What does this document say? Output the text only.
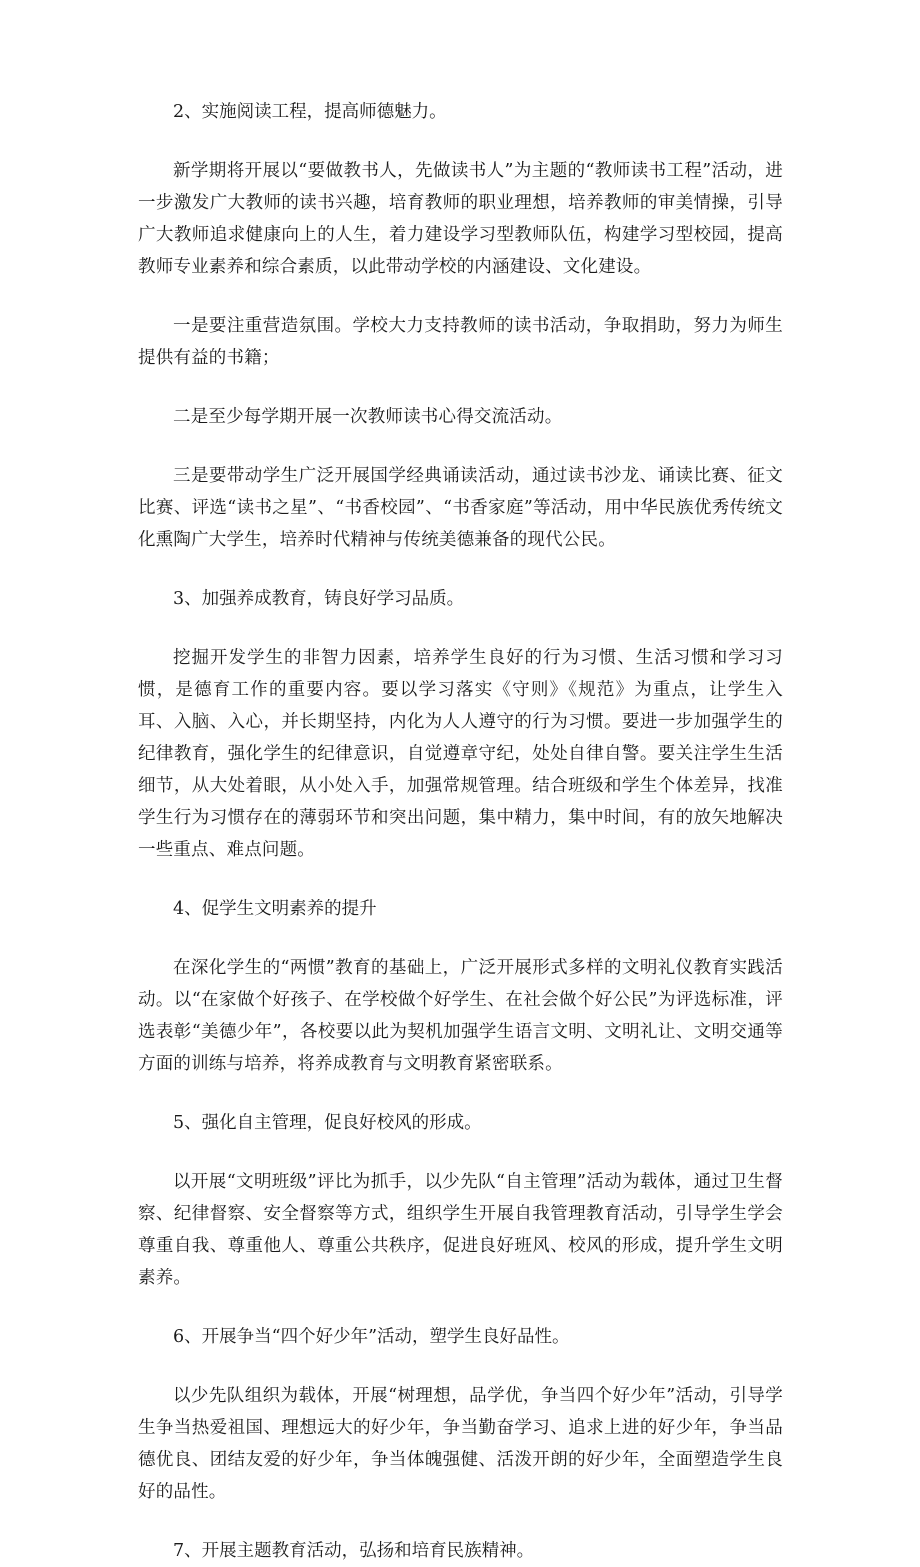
2、实施阅读工程，提高师德魅力。

新学期将开展以“要做教书人，先做读书人”为主题的“教师读书工程”活动，进一步激发广大教师的读书兴趣，培育教师的职业理想，培养教师的审美情操，引导广大教师追求健康向上的人生，着力建设学习型教师队伍，构建学习型校园，提高教师专业素养和综合素质，以此带动学校的内涵建设、文化建设。

一是要注重营造氛围。学校大力支持教师的读书活动，争取捐助，努力为师生提供有益的书籍；

二是至少每学期开展一次教师读书心得交流活动。

三是要带动学生广泛开展国学经典诵读活动，通过读书沙龙、诵读比赛、征文比赛、评选“读书之星”、“书香校园”、“书香家庭”等活动，用中华民族优秀传统文化熏陶广大学生，培养时代精神与传统美德兼备的现代公民。

3、加强养成教育，铸良好学习品质。

挖掘开发学生的非智力因素，培养学生良好的行为习惯、生活习惯和学习习惯，是德育工作的重要内容。要以学习落实《守则》《规范》为重点，让学生入耳、入脑、入心，并长期坚持，内化为人人遵守的行为习惯。要进一步加强学生的纪律教育，强化学生的纪律意识，自觉遵章守纪，处处自律自警。要关注学生生活细节，从大处着眼，从小处入手，加强常规管理。结合班级和学生个体差异，找准学生行为习惯存在的薄弱环节和突出问题，集中精力，集中时间，有的放矢地解决一些重点、难点问题。

4、促学生文明素养的提升

在深化学生的“两惯”教育的基础上，广泛开展形式多样的文明礼仪教育实践活动。以“在家做个好孩子、在学校做个好学生、在社会做个好公民”为评选标准，评选表彰“美德少年”，各校要以此为契机加强学生语言文明、文明礼让、文明交通等方面的训练与培养，将养成教育与文明教育紧密联系。

5、强化自主管理，促良好校风的形成。

以开展“文明班级”评比为抓手，以少先队“自主管理”活动为载体，通过卫生督察、纪律督察、安全督察等方式，组织学生开展自我管理教育活动，引导学生学会尊重自我、尊重他人、尊重公共秩序，促进良好班风、校风的形成，提升学生文明素养。

6、开展争当“四个好少年”活动，塑学生良好品性。

以少先队组织为载体，开展“树理想，品学优，争当四个好少年”活动，引导学生争当热爱祖国、理想远大的好少年，争当勤奋学习、追求上进的好少年，争当品德优良、团结友爱的好少年，争当体魄强健、活泼开朗的好少年，全面塑造学生良好的品性。

7、开展主题教育活动，弘扬和培育民族精神。
